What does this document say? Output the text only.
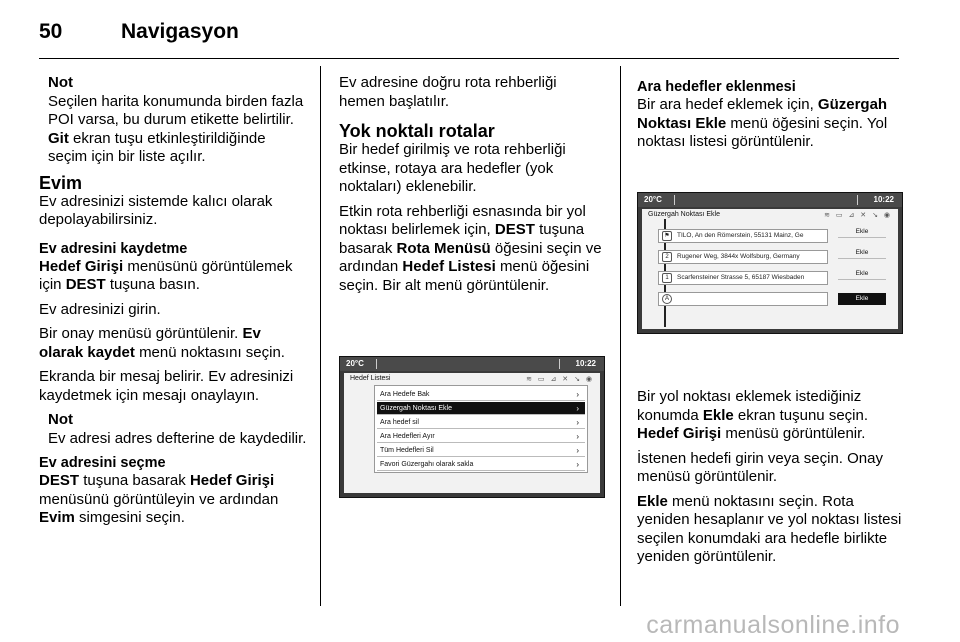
50	Navigasyon
Not
Seçilen harita konumunda birden fazla POI varsa, bu durum etikette belirtilir. Git ekran tuşu etkinleştirildiğinde seçim için bir liste açılır.
Evim

Ev adresinizi sistemde kalıcı olarak depolayabilirsiniz.

Ev adresini kaydetme

Hedef Girişi menüsünü görüntülemek için DEST tuşuna basın.

Ev adresinizi girin.

Bir onay menüsü görüntülenir. Ev olarak kaydet menü noktasını seçin.

Ekranda bir mesaj belirir. Ev adresinizi kaydetmek için mesajı onaylayın.

Not
Ev adresi adres defterine de kaydedilir.
Ev adresini seçme

DEST tuşuna basarak Hedef Girişi menüsünü görüntüleyin ve ardından Evim simgesini seçin.

Ev adresine doğru rota rehberliği hemen başlatılır.

Yok noktalı rotalar

Bir hedef girilmiş ve rota rehberliği etkinse, rotaya ara hedefler (yok noktaları) eklenebilir.

Etkin rota rehberliği esnasında bir yol noktası belirlemek için, DEST tuşuna basarak Rota Menüsü öğesini seçin ve ardından Hedef Listesi menü öğesini seçin. Bir alt menü görüntülenir.

20°C	10:22
Hedef Listesi	≋ ▭ ⊿ ✕ ↘ ◉
Ara Hedefe Bak	›
Güzergah Noktası Ekle	›
Ara hedef sil	›
Ara Hedefleri Ayır	›
Tüm Hedefleri Sil	›
Favori Güzergahı olarak sakla	›
Ara hedefler eklenmesi

Bir ara hedef eklemek için, Güzergah Noktası Ekle menü öğesini seçin. Yol noktası listesi görüntülenir.

20°C	10:22
Güzergah Noktası Ekle	≋ ▭ ⊿ ✕ ↘ ◉
⚑	TILO, An den Römerstein, 55131 Mainz, Ge
2	Rugener Weg, 3844x Wolfsburg, Germany
1	Scarfensteiner Strasse 5, 65187 Wiesbaden
A
Ekle
Ekle
Ekle
Ekle

Bir yol noktası eklemek istediğiniz konumda Ekle ekran tuşunu seçin. Hedef Girişi menüsü görüntülenir.

İstenen hedefi girin veya seçin. Onay menüsü görüntülenir.

Ekle menü noktasını seçin. Rota yeniden hesaplanır ve yol noktası listesi seçilen konumdaki ara hedefle birlikte yeniden görüntülenir.

carmanualsonline.info
